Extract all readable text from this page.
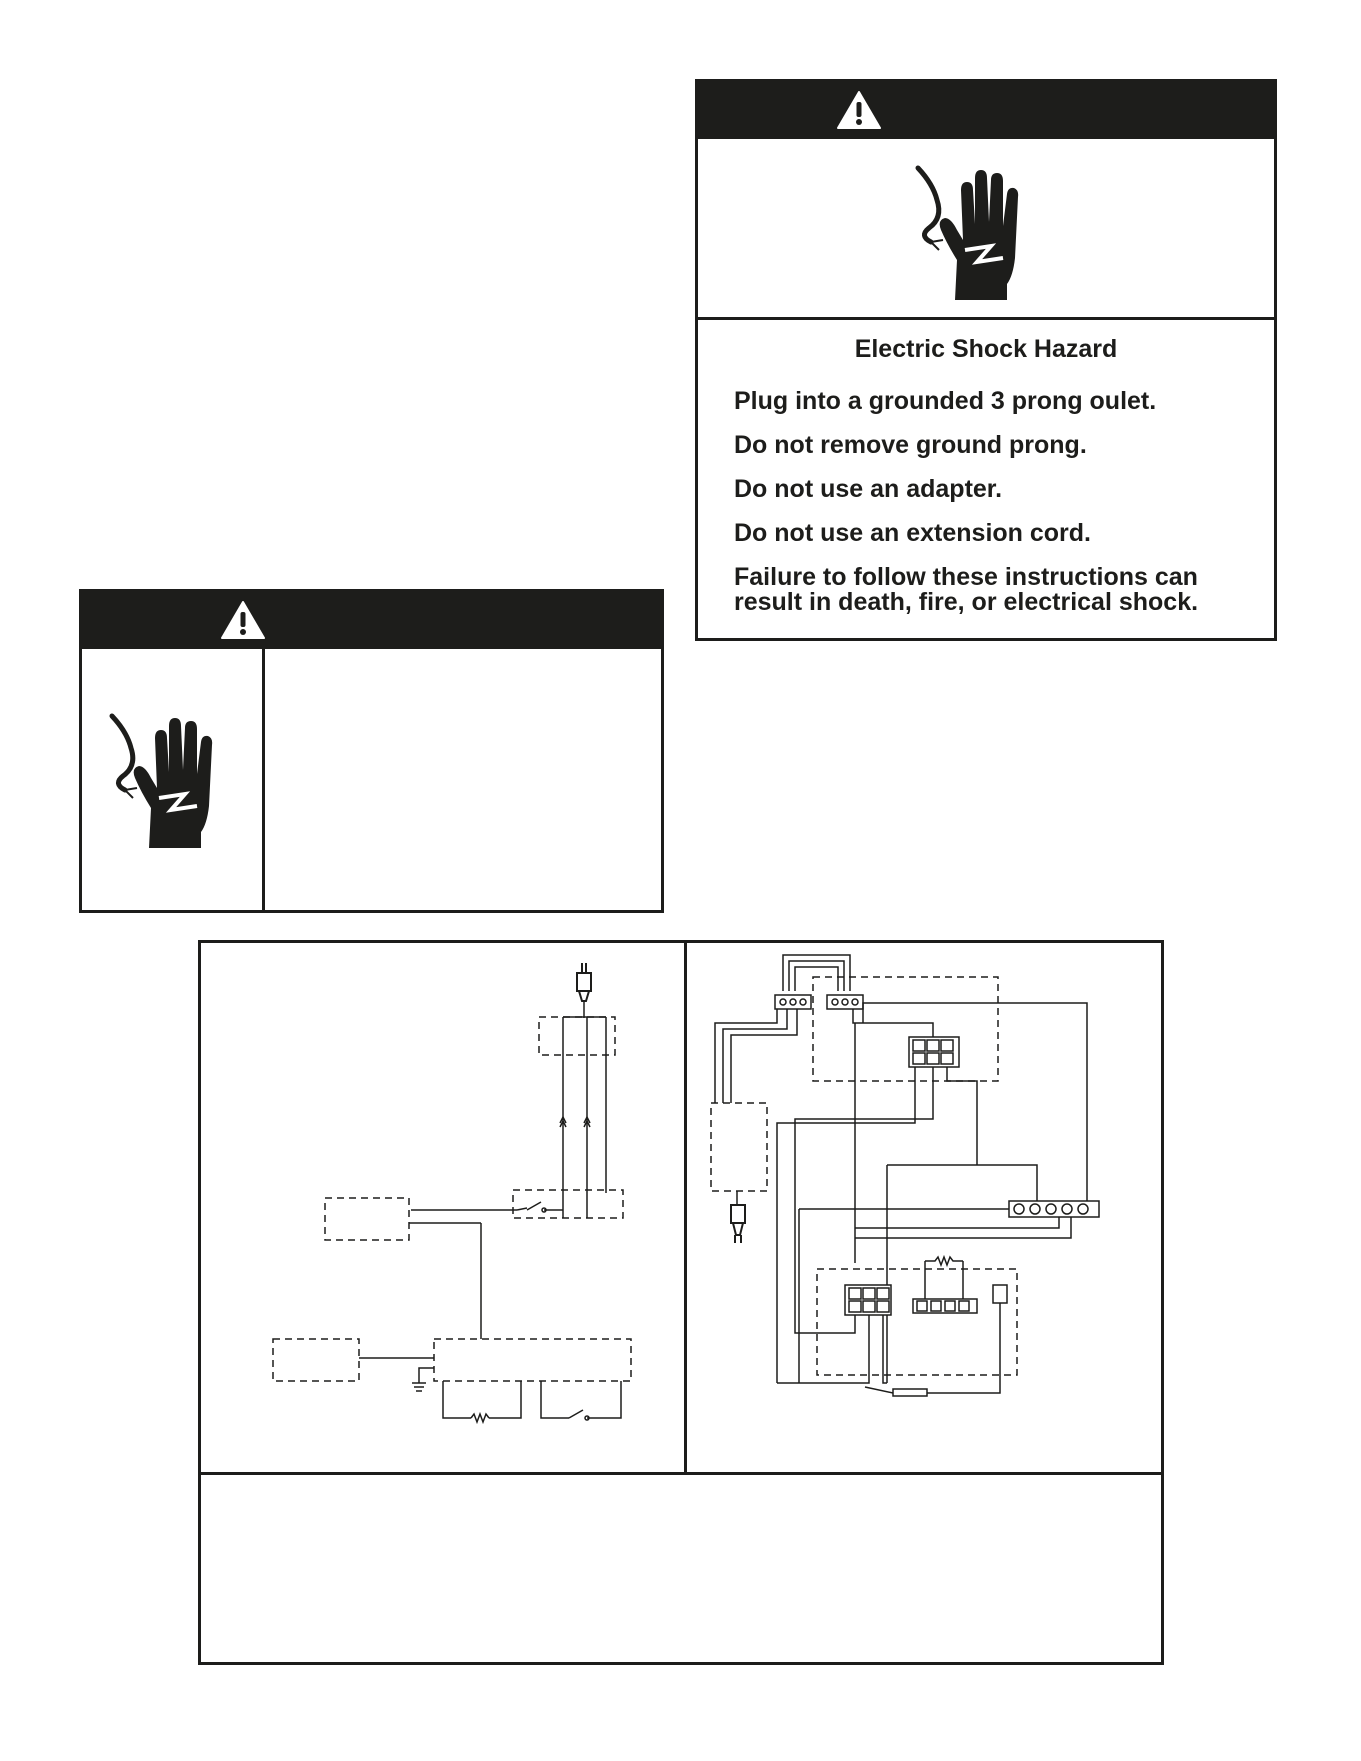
Electric Shock Hazard
Plug into a grounded 3 prong oulet.
Do not remove ground prong.
Do not use an adapter.
Do not use an extension cord.
Failure to follow these instructions can
result in death, fire, or electrical shock.
